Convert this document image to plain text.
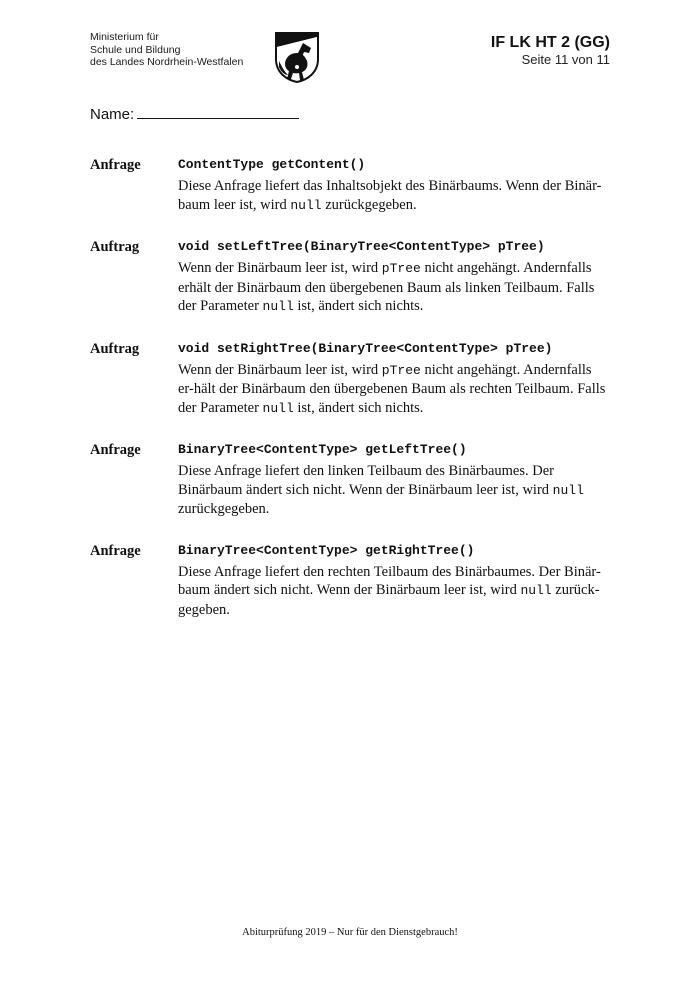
Ministerium für
Schule und Bildung
des Landes Nordrhein-Westfalen
IF LK HT 2 (GG)
Seite 11 von 11
Name:
Anfrage	ContentType getContent()
Diese Anfrage liefert das Inhaltsobjekt des Binärbaums. Wenn der Binär-baum leer ist, wird null zurückgegeben.
Auftrag	void setLeftTree(BinaryTree<ContentType> pTree)
Wenn der Binärbaum leer ist, wird pTree nicht angehängt. Andernfalls erhält der Binärbaum den übergebenen Baum als linken Teilbaum. Falls der Parameter null ist, ändert sich nichts.
Auftrag	void setRightTree(BinaryTree<ContentType> pTree)
Wenn der Binärbaum leer ist, wird pTree nicht angehängt. Andernfalls er-hält der Binärbaum den übergebenen Baum als rechten Teilbaum. Falls der Parameter null ist, ändert sich nichts.
Anfrage	BinaryTree<ContentType> getLeftTree()
Diese Anfrage liefert den linken Teilbaum des Binärbaumes. Der Binärbaum ändert sich nicht. Wenn der Binärbaum leer ist, wird null zurückgegeben.
Anfrage	BinaryTree<ContentType> getRightTree()
Diese Anfrage liefert den rechten Teilbaum des Binärbaumes. Der Binär-baum ändert sich nicht. Wenn der Binärbaum leer ist, wird null zurück-gegeben.
Abiturprüfung 2019 – Nur für den Dienstgebrauch!
